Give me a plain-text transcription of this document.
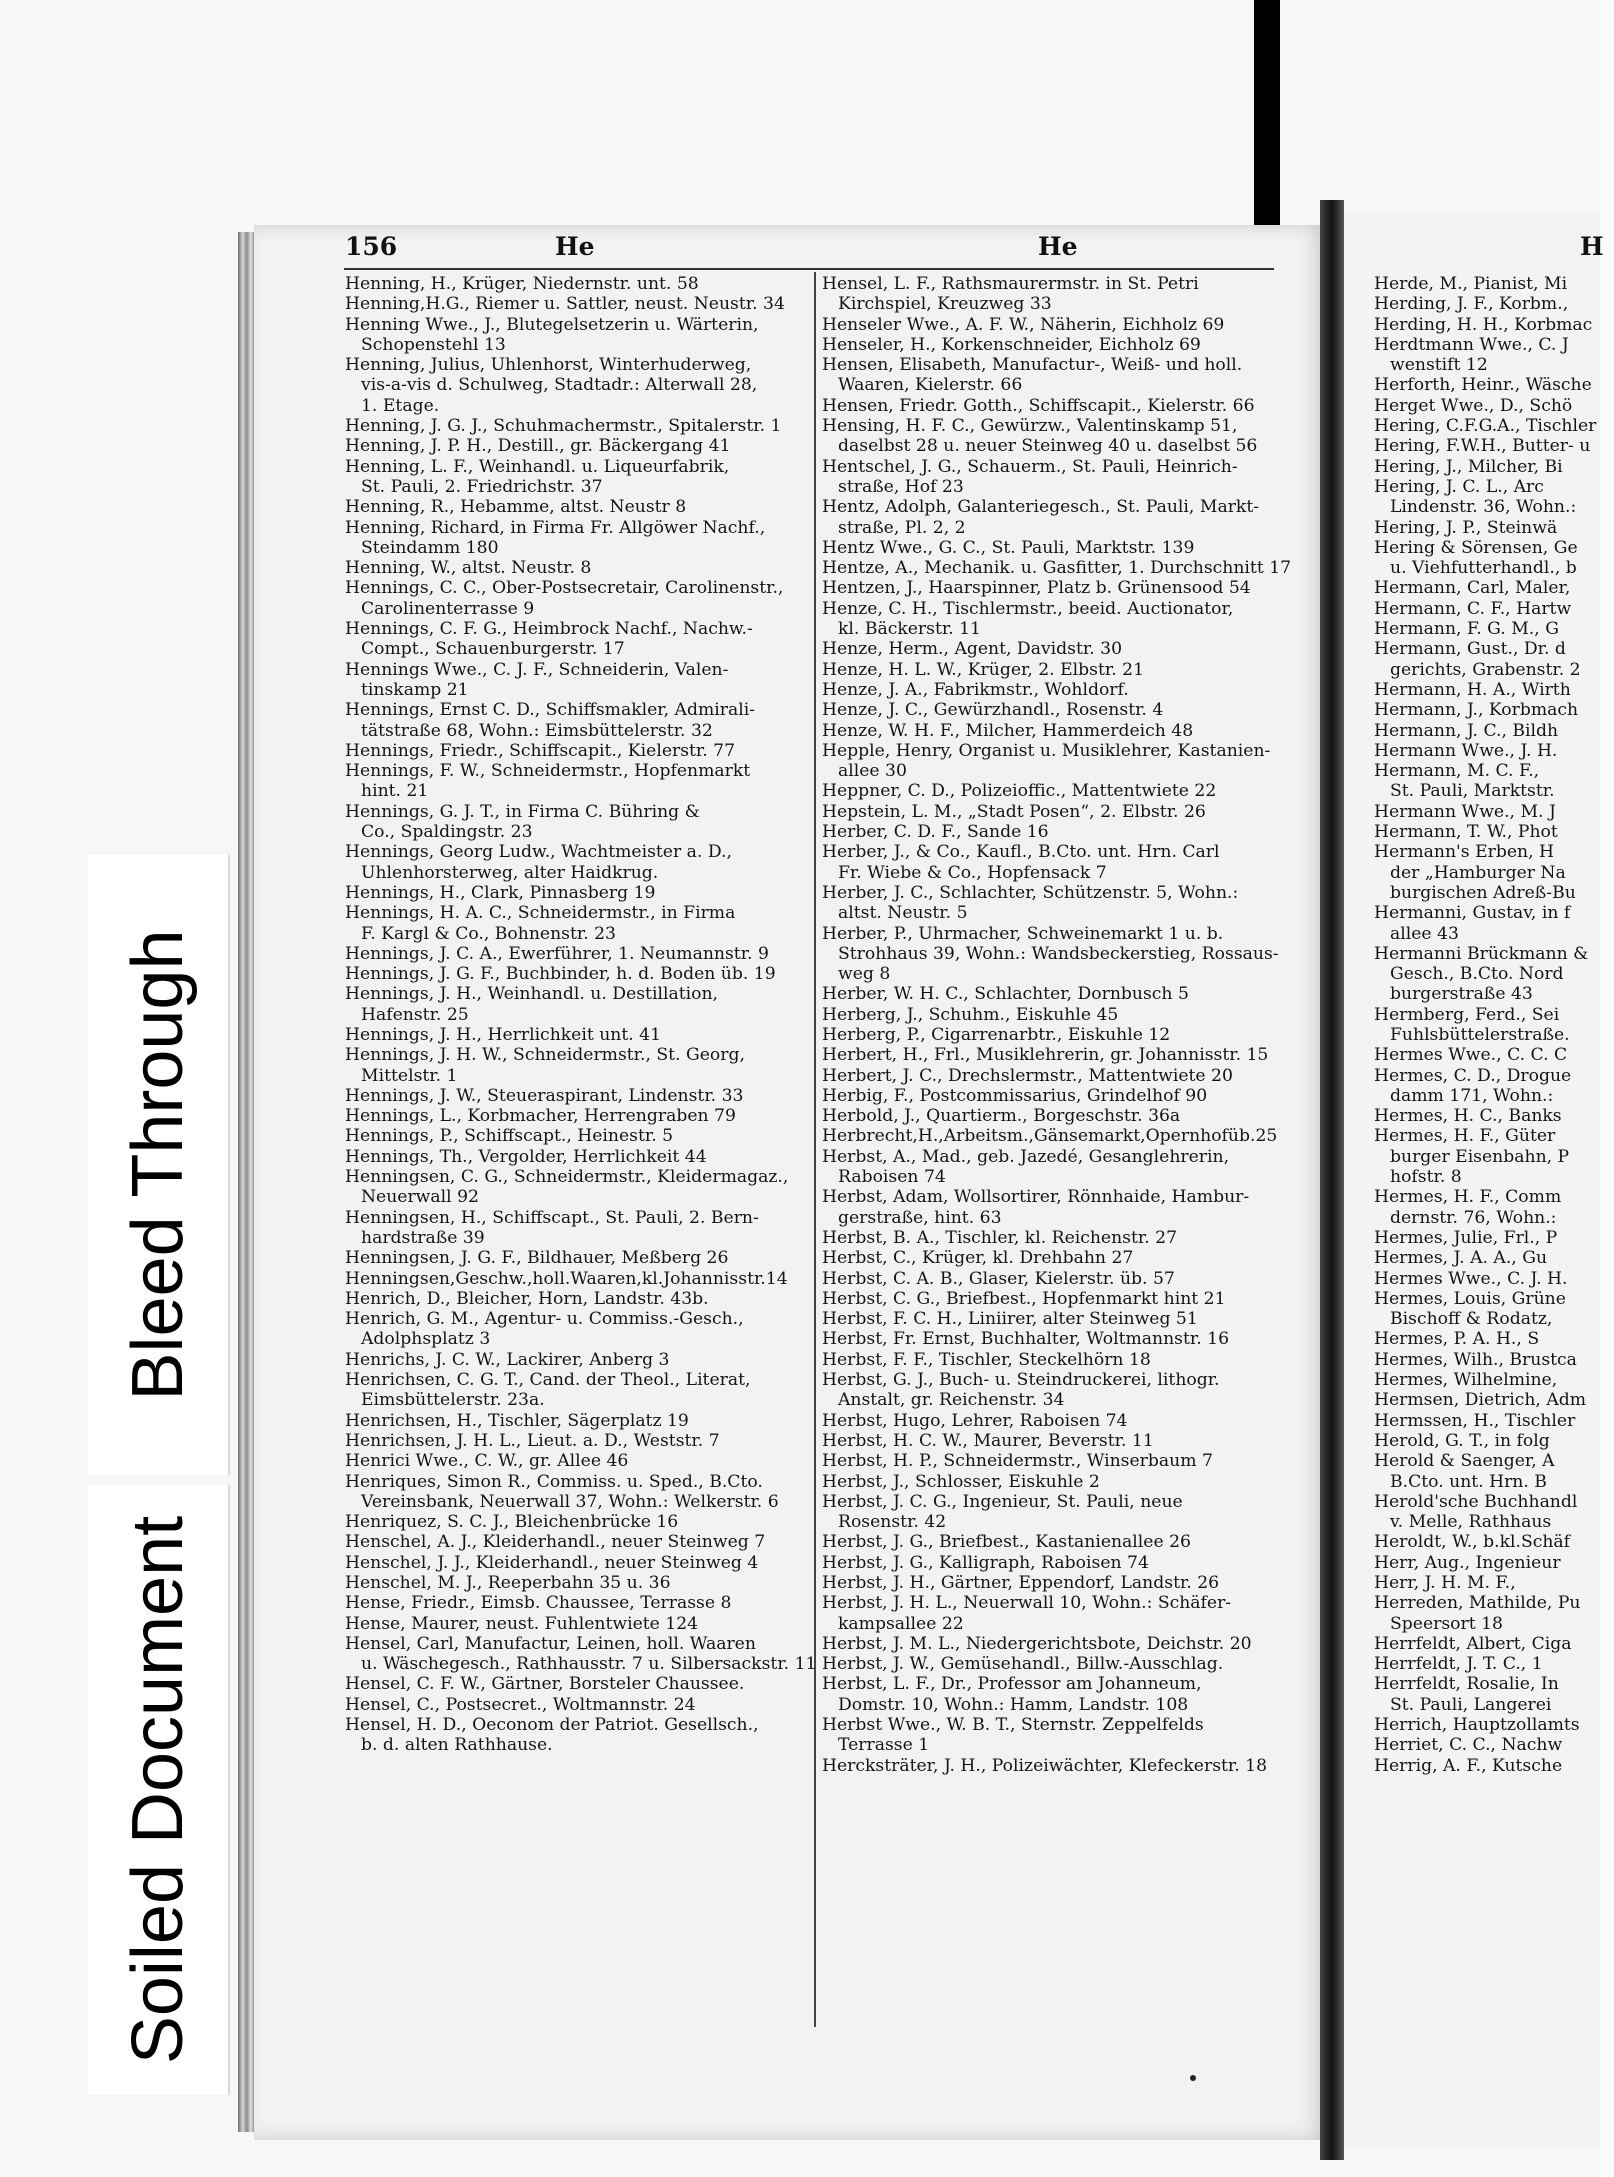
Bleed Through
Soiled Document
156	He	He	H
Henning, H., Krüger, Niedernstr. unt. 58
Henning,H.G., Riemer u. Sattler, neust. Neustr. 34
Henning Wwe., J., Blutegelsetzerin u. Wärterin,
Schopenstehl 13
Henning, Julius, Uhlenhorst, Winterhuderweg,
vis-a-vis d. Schulweg, Stadtadr.: Alterwall 28,
1. Etage.
Henning, J. G. J., Schuhmachermstr., Spitalerstr. 1
Henning, J. P. H., Destill., gr. Bäckergang 41
Henning, L. F., Weinhandl. u. Liqueurfabrik,
St. Pauli, 2. Friedrichstr. 37
Henning, R., Hebamme, altst. Neustr 8
Henning, Richard, in Firma Fr. Allgöwer Nachf.,
Steindamm 180
Henning, W., altst. Neustr. 8
Hennings, C. C., Ober-Postsecretair, Carolinenstr.,
Carolinenterrasse 9
Hennings, C. F. G., Heimbrock Nachf., Nachw.-
Compt., Schauenburgerstr. 17
Hennings Wwe., C. J. F., Schneiderin, Valen-
tinskamp 21
Hennings, Ernst C. D., Schiffsmakler, Admirali-
tätstraße 68, Wohn.: Eimsbüttelerstr. 32
Hennings, Friedr., Schiffscapit., Kielerstr. 77
Hennings, F. W., Schneidermstr., Hopfenmarkt
hint. 21
Hennings, G. J. T., in Firma C. Bühring &
Co., Spaldingstr. 23
Hennings, Georg Ludw., Wachtmeister a. D.,
Uhlenhorsterweg, alter Haidkrug.
Hennings, H., Clark, Pinnasberg 19
Hennings, H. A. C., Schneidermstr., in Firma
F. Kargl & Co., Bohnenstr. 23
Hennings, J. C. A., Ewerführer, 1. Neumannstr. 9
Hennings, J. G. F., Buchbinder, h. d. Boden üb. 19
Hennings, J. H., Weinhandl. u. Destillation,
Hafenstr. 25
Hennings, J. H., Herrlichkeit unt. 41
Hennings, J. H. W., Schneidermstr., St. Georg,
Mittelstr. 1
Hennings, J. W., Steueraspirant, Lindenstr. 33
Hennings, L., Korbmacher, Herrengraben 79
Hennings, P., Schiffscapt., Heinestr. 5
Hennings, Th., Vergolder, Herrlichkeit 44
Henningsen, C. G., Schneidermstr., Kleidermagaz.,
Neuerwall 92
Henningsen, H., Schiffscapt., St. Pauli, 2. Bern-
hardstraße 39
Henningsen, J. G. F., Bildhauer, Meßberg 26
Henningsen,Geschw.,holl.Waaren,kl.Johannisstr.14
Henrich, D., Bleicher, Horn, Landstr. 43b.
Henrich, G. M., Agentur- u. Commiss.-Gesch.,
Adolphsplatz 3
Henrichs, J. C. W., Lackirer, Anberg 3
Henrichsen, C. G. T., Cand. der Theol., Literat,
Eimsbüttelerstr. 23a.
Henrichsen, H., Tischler, Sägerplatz 19
Henrichsen, J. H. L., Lieut. a. D., Weststr. 7
Henrici Wwe., C. W., gr. Allee 46
Henriques, Simon R., Commiss. u. Sped., B.Cto.
Vereinsbank, Neuerwall 37, Wohn.: Welkerstr. 6
Henriquez, S. C. J., Bleichenbrücke 16
Henschel, A. J., Kleiderhandl., neuer Steinweg 7
Henschel, J. J., Kleiderhandl., neuer Steinweg 4
Henschel, M. J., Reeperbahn 35 u. 36
Hense, Friedr., Eimsb. Chaussee, Terrasse 8
Hense, Maurer, neust. Fuhlentwiete 124
Hensel, Carl, Manufactur, Leinen, holl. Waaren
u. Wäschegesch., Rathhausstr. 7 u. Silbersackstr. 11
Hensel, C. F. W., Gärtner, Borsteler Chaussee.
Hensel, C., Postsecret., Woltmannstr. 24
Hensel, H. D., Oeconom der Patriot. Gesellsch.,
b. d. alten Rathhause.
Hensel, L. F., Rathsmaurermstr. in St. Petri
Kirchspiel, Kreuzweg 33
Henseler Wwe., A. F. W., Näherin, Eichholz 69
Henseler, H., Korkenschneider, Eichholz 69
Hensen, Elisabeth, Manufactur-, Weiß- und holl.
Waaren, Kielerstr. 66
Hensen, Friedr. Gotth., Schiffscapit., Kielerstr. 66
Hensing, H. F. C., Gewürzw., Valentinskamp 51,
daselbst 28 u. neuer Steinweg 40 u. daselbst 56
Hentschel, J. G., Schauerm., St. Pauli, Heinrich-
straße, Hof 23
Hentz, Adolph, Galanteriegesch., St. Pauli, Markt-
straße, Pl. 2, 2
Hentz Wwe., G. C., St. Pauli, Marktstr. 139
Hentze, A., Mechanik. u. Gasfitter, 1. Durchschnitt 17
Hentzen, J., Haarspinner, Platz b. Grünensood 54
Henze, C. H., Tischlermstr., beeid. Auctionator,
kl. Bäckerstr. 11
Henze, Herm., Agent, Davidstr. 30
Henze, H. L. W., Krüger, 2. Elbstr. 21
Henze, J. A., Fabrikmstr., Wohldorf.
Henze, J. C., Gewürzhandl., Rosenstr. 4
Henze, W. H. F., Milcher, Hammerdeich 48
Hepple, Henry, Organist u. Musiklehrer, Kastanien-
allee 30
Heppner, C. D., Polizeioffic., Mattentwiete 22
Hepstein, L. M., „Stadt Posen“, 2. Elbstr. 26
Herber, C. D. F., Sande 16
Herber, J., & Co., Kaufl., B.Cto. unt. Hrn. Carl
Fr. Wiebe & Co., Hopfensack 7
Herber, J. C., Schlachter, Schützenstr. 5, Wohn.:
altst. Neustr. 5
Herber, P., Uhrmacher, Schweinemarkt 1 u. b.
Strohhaus 39, Wohn.: Wandsbeckerstieg, Rossaus-
weg 8
Herber, W. H. C., Schlachter, Dornbusch 5
Herberg, J., Schuhm., Eiskuhle 45
Herberg, P., Cigarrenarbtr., Eiskuhle 12
Herbert, H., Frl., Musiklehrerin, gr. Johannisstr. 15
Herbert, J. C., Drechslermstr., Mattentwiete 20
Herbig, F., Postcommissarius, Grindelhof 90
Herbold, J., Quartierm., Borgeschstr. 36a
Herbrecht,H.,Arbeitsm.,Gänsemarkt,Opernhofüb.25
Herbst, A., Mad., geb. Jazedé, Gesanglehrerin,
Raboisen 74
Herbst, Adam, Wollsortirer, Rönnhaide, Hambur-
gerstraße, hint. 63
Herbst, B. A., Tischler, kl. Reichenstr. 27
Herbst, C., Krüger, kl. Drehbahn 27
Herbst, C. A. B., Glaser, Kielerstr. üb. 57
Herbst, C. G., Briefbest., Hopfenmarkt hint 21
Herbst, F. C. H., Liniirer, alter Steinweg 51
Herbst, Fr. Ernst, Buchhalter, Woltmannstr. 16
Herbst, F. F., Tischler, Steckelhörn 18
Herbst, G. J., Buch- u. Steindruckerei, lithogr.
Anstalt, gr. Reichenstr. 34
Herbst, Hugo, Lehrer, Raboisen 74
Herbst, H. C. W., Maurer, Beverstr. 11
Herbst, H. P., Schneidermstr., Winserbaum 7
Herbst, J., Schlosser, Eiskuhle 2
Herbst, J. C. G., Ingenieur, St. Pauli, neue
Rosenstr. 42
Herbst, J. G., Briefbest., Kastanienallee 26
Herbst, J. G., Kalligraph, Raboisen 74
Herbst, J. H., Gärtner, Eppendorf, Landstr. 26
Herbst, J. H. L., Neuerwall 10, Wohn.: Schäfer-
kampsallee 22
Herbst, J. M. L., Niedergerichtsbote, Deichstr. 20
Herbst, J. W., Gemüsehandl., Billw.-Ausschlag.
Herbst, L. F., Dr., Professor am Johanneum,
Domstr. 10, Wohn.: Hamm, Landstr. 108
Herbst Wwe., W. B. T., Sternstr. Zeppelfelds
Terrasse 1
Hercksträter, J. H., Polizeiwächter, Klefeckerstr. 18
Herde, M., Pianist, Mi
Herding, J. F., Korbm.,
Herding, H. H., Korbmac
Herdtmann Wwe., C. J
wenstift 12
Herforth, Heinr., Wäsche
Herget Wwe., D., Schö
Hering, C.F.G.A., Tischler
Hering, F.W.H., Butter- u
Hering, J., Milcher, Bi
Hering, J. C. L., Arc
Lindenstr. 36, Wohn.:
Hering, J. P., Steinwä
Hering & Sörensen, Ge
u. Viehfutterhandl., b
Hermann, Carl, Maler,
Hermann, C. F., Hartw
Hermann, F. G. M., G
Hermann, Gust., Dr. d
gerichts, Grabenstr. 2
Hermann, H. A., Wirth
Hermann, J., Korbmach
Hermann, J. C., Bildh
Hermann Wwe., J. H.
Hermann, M. C. F.,
St. Pauli, Marktstr.
Hermann Wwe., M. J
Hermann, T. W., Phot
Hermann's Erben, H
der „Hamburger Na
burgischen Adreß-Bu
Hermanni, Gustav, in f
allee 43
Hermanni Brückmann &
Gesch., B.Cto. Nord
burgerstraße 43
Hermberg, Ferd., Sei
Fuhlsbüttelerstraße.
Hermes Wwe., C. C. C
Hermes, C. D., Drogue
damm 171, Wohn.:
Hermes, H. C., Banks
Hermes, H. F., Güter
burger Eisenbahn, P
hofstr. 8
Hermes, H. F., Comm
dernstr. 76, Wohn.:
Hermes, Julie, Frl., P
Hermes, J. A. A., Gu
Hermes Wwe., C. J. H.
Hermes, Louis, Grüne
Bischoff & Rodatz,
Hermes, P. A. H., S
Hermes, Wilh., Brustca
Hermes, Wilhelmine,
Hermsen, Dietrich, Adm
Hermssen, H., Tischler
Herold, G. T., in folg
Herold & Saenger, A
B.Cto. unt. Hrn. B
Herold'sche Buchhandl
v. Melle, Rathhaus
Heroldt, W., b.kl.Schäf
Herr, Aug., Ingenieur
Herr, J. H. M. F.,
Herreden, Mathilde, Pu
Speersort 18
Herrfeldt, Albert, Ciga
Herrfeldt, J. T. C., 1
Herrfeldt, Rosalie, In
St. Pauli, Langerei
Herrich, Hauptzollamts
Herriet, C. C., Nachw
Herrig, A. F., Kutsche
